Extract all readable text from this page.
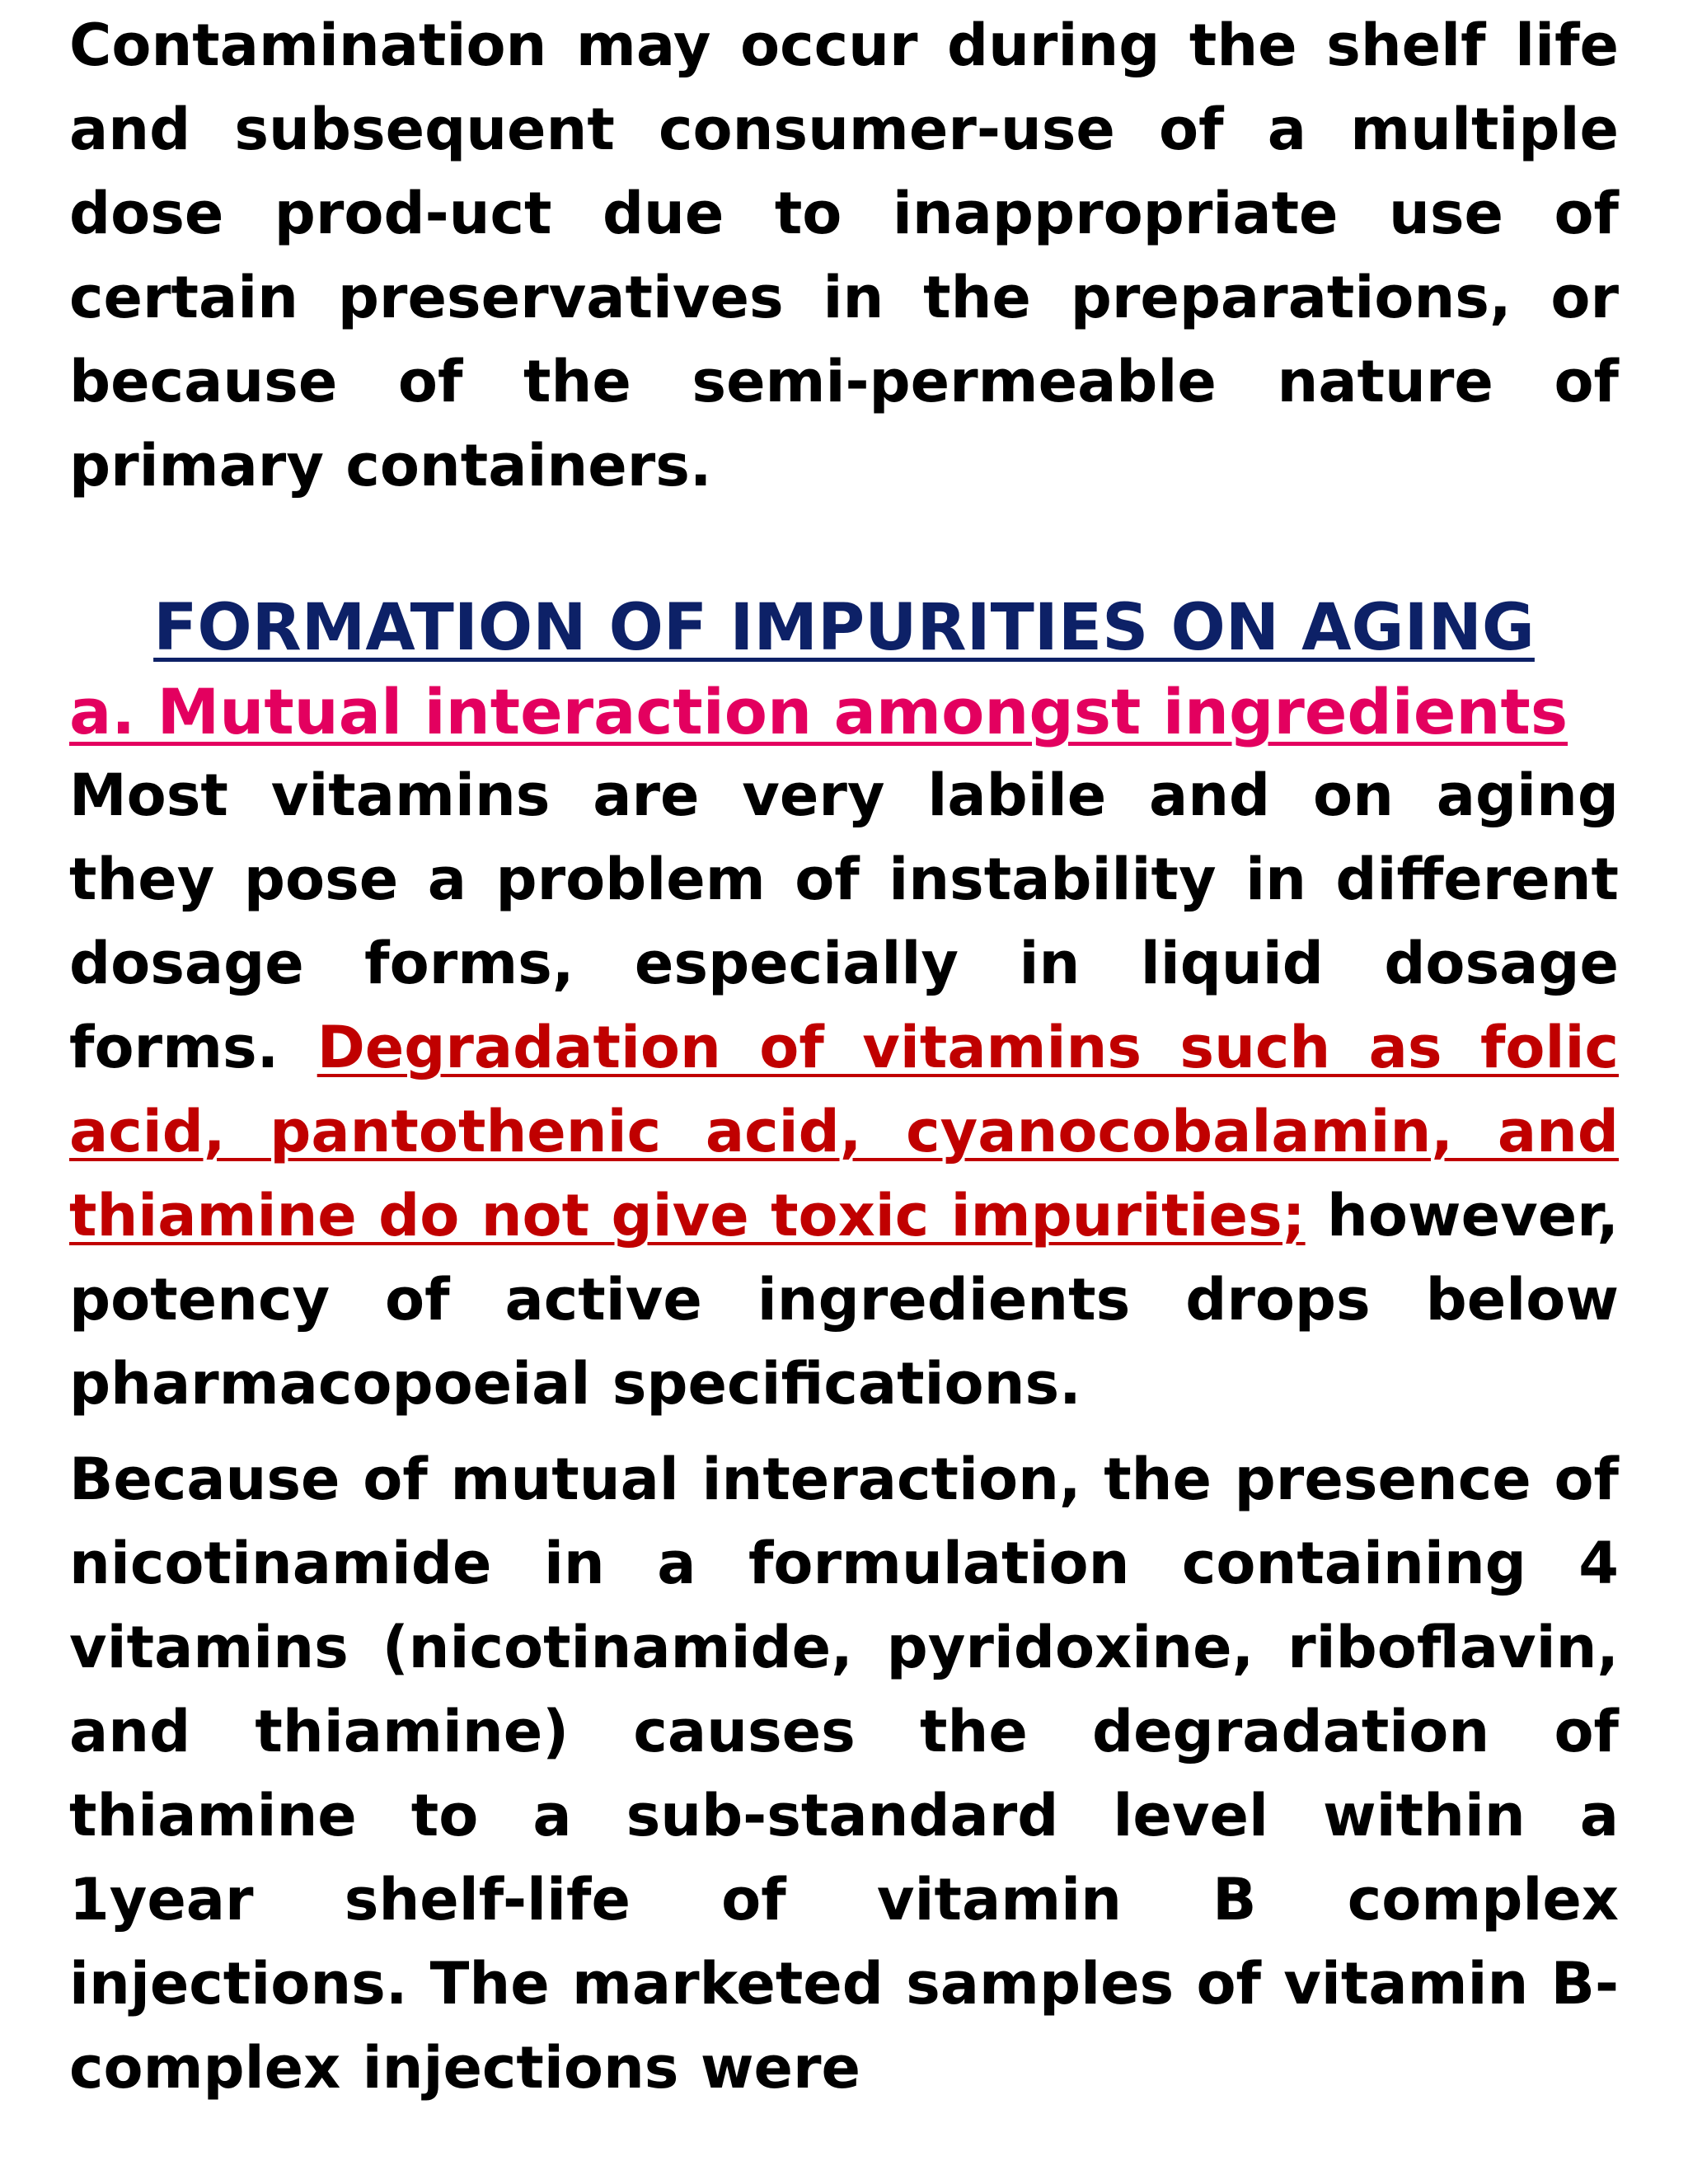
Contamination may occur during the shelf life and subsequent consumer-use of a multiple dose prod-uct due to inappropriate use of certain preservatives in the preparations, or because of the semi-permeable nature of primary containers.

FORMATION OF IMPURITIES ON AGING
a. Mutual interaction amongst ingredients

Most vitamins are very labile and on aging they pose a problem of instability in different dosage forms, especially in liquid dosage forms. Degradation of vitamins such as folic acid, pantothenic acid, cyanocobalamin, and thiamine do not give toxic impurities; however, potency of active ingredients drops below pharmacopoeial specifications.

Because of mutual interaction, the presence of nicotinamide in a formulation containing 4 vitamins (nicotinamide, pyridoxine, riboflavin, and thiamine) causes the degradation of thiamine to a sub-standard level within a 1year shelf-life of vitamin B complex injections. The marketed samples of vitamin B- complex injections were
